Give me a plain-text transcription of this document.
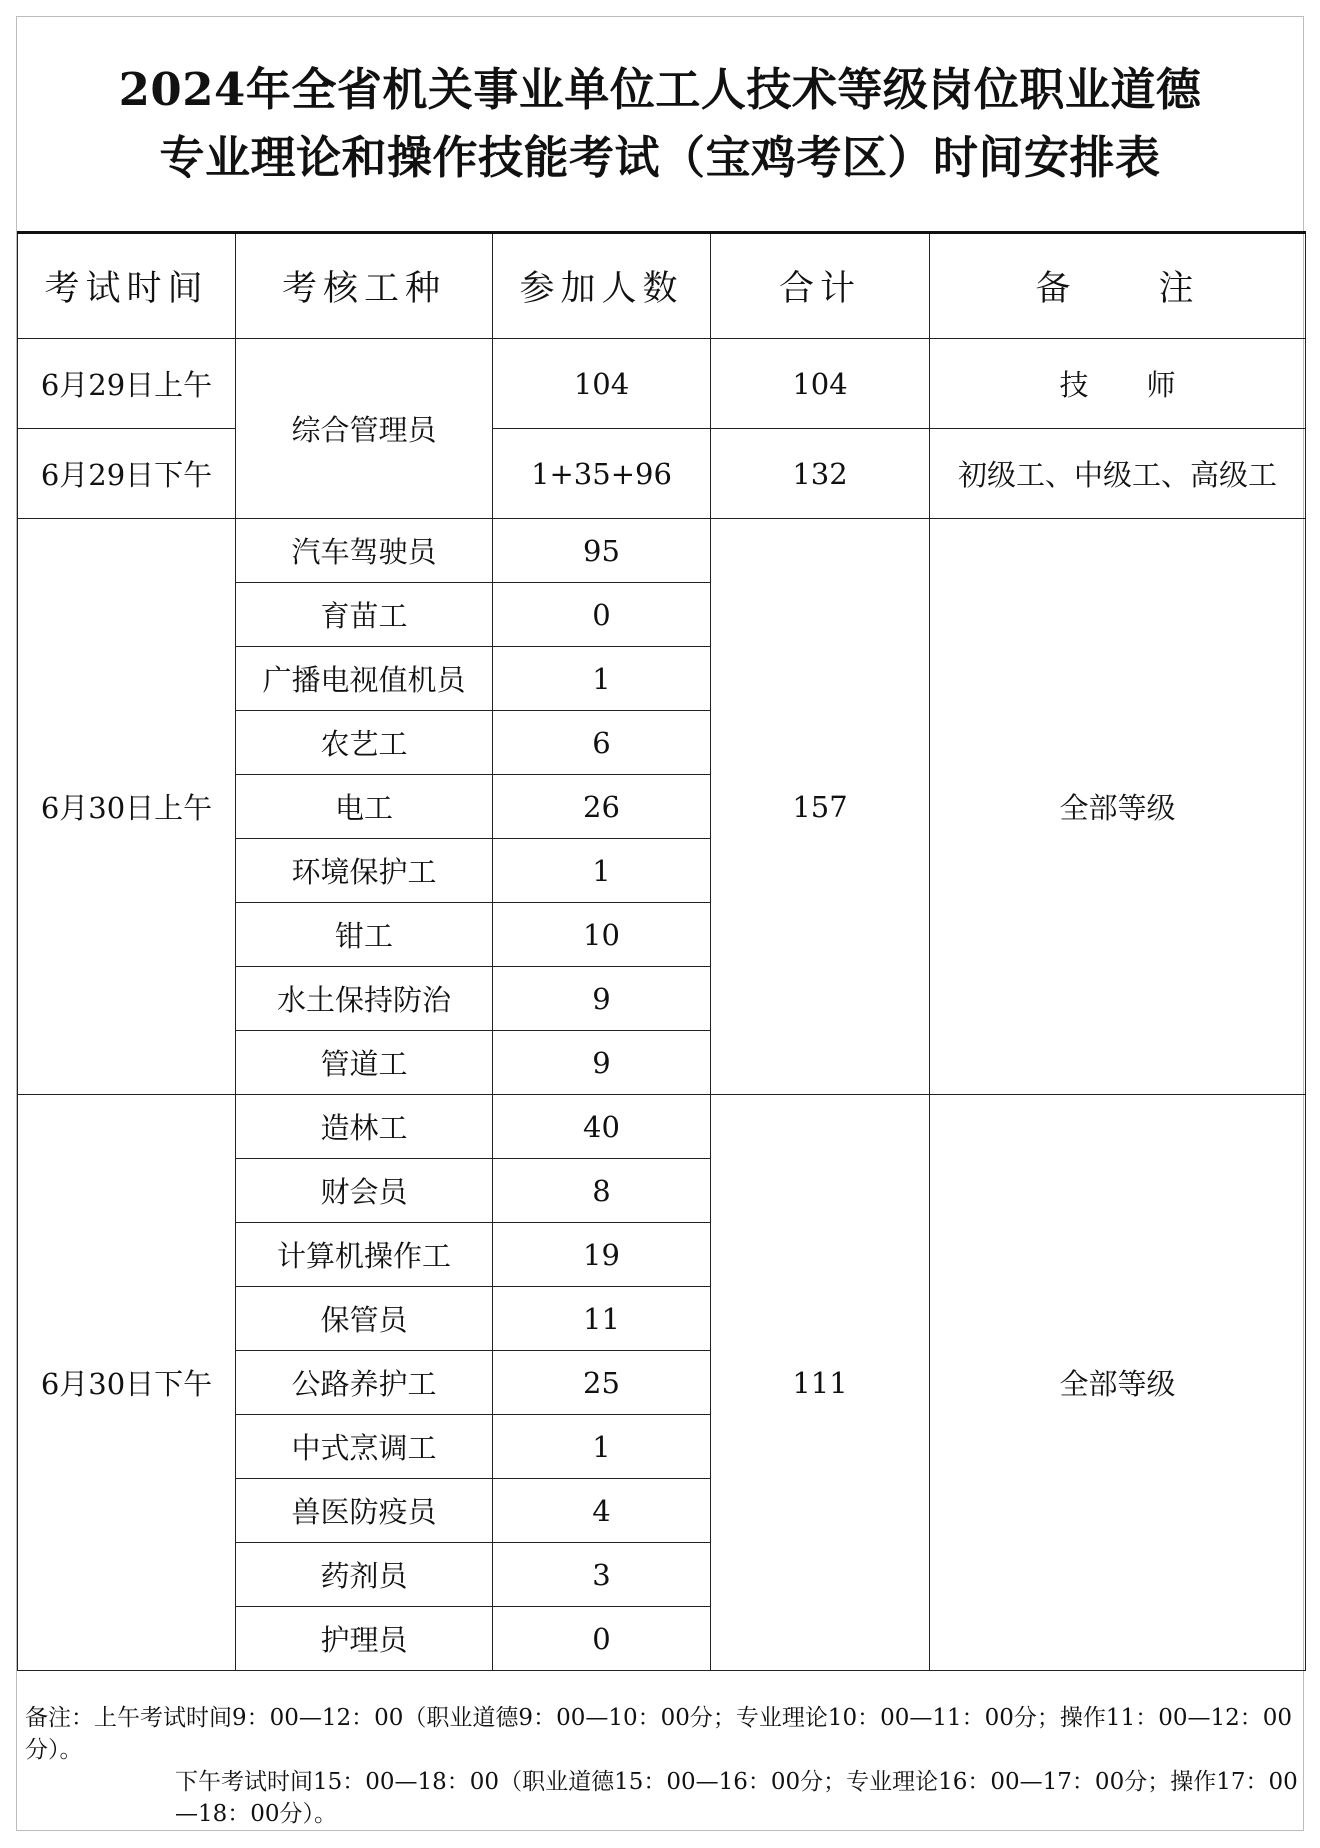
2024年全省机关事业单位工人技术等级岗位职业道德
专业理论和操作技能考试（宝鸡考区）时间安排表
考试时间	考核工种	参加人数	合计	备　　注
6月29日上午	综合管理员	104	104	技　　师
6月29日下午		1+35+96	132	初级工、中级工、高级工
6月30日上午	汽车驾驶员	95	157	全部等级
	育苗工	0		
	广播电视值机员	1		
	农艺工	6		
	电工	26		
	环境保护工	1		
	钳工	10		
	水土保持防治	9		
	管道工	9		
6月30日下午	造林工	40	111	全部等级
	财会员	8		
	计算机操作工	19		
	保管员	11		
	公路养护工	25		
	中式烹调工	1		
	兽医防疫员	4		
	药剂员	3		
	护理员	0		

备注：上午考试时间9：00—12：00（职业道德9：00—10：00分；专业理论10：00—11：00分；操作11：00—12：00分）。

下午考试时间15：00—18：00（职业道德15：00—16：00分；专业理论16：00—17：00分；操作17：00—18：00分）。
